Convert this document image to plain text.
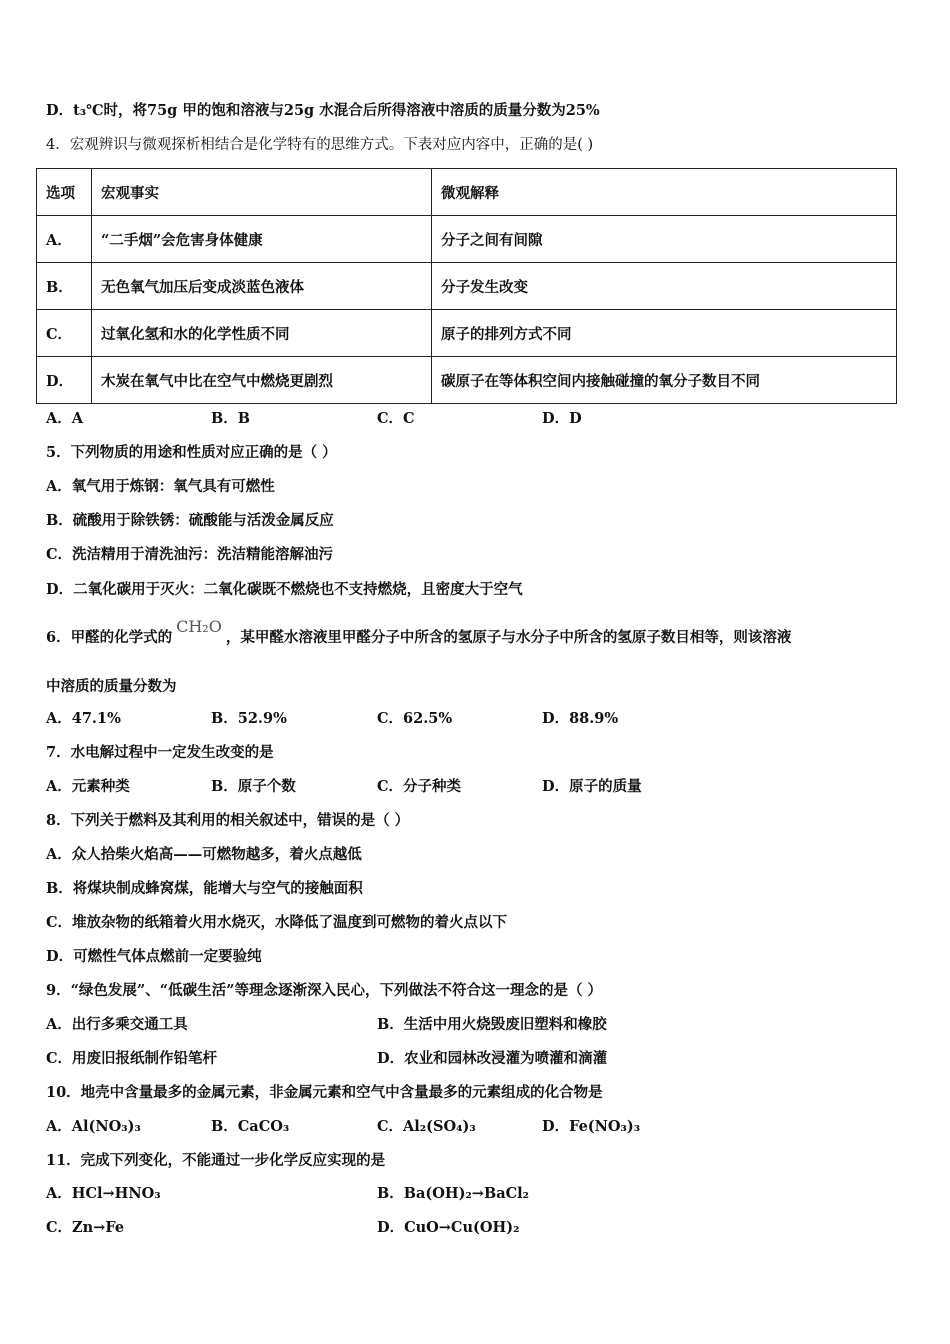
D．t₃℃时，将75g 甲的饱和溶液与25g 水混合后所得溶液中溶质的质量分数为25%
4．宏观辨识与微观探析相结合是化学特有的思维方式。下表对应内容中，正确的是( )
选项	宏观事实	微观解释
A．	“二手烟”会危害身体健康	分子之间有间隙
B．	无色氧气加压后变成淡蓝色液体	分子发生改变
C．	过氧化氢和水的化学性质不同	原子的排列方式不同
D．	木炭在氧气中比在空气中燃烧更剧烈	碳原子在等体积空间内接触碰撞的氧分子数目不同
A．A	B．B	C．C	D．D
5．下列物质的用途和性质对应正确的是（ ）
A．氧气用于炼钢：氧气具有可燃性
B．硫酸用于除铁锈：硫酸能与活泼金属反应
C．洗洁精用于清洗油污：洗洁精能溶解油污
D．二氧化碳用于灭火：二氧化碳既不燃烧也不支持燃烧，且密度大于空气
6．甲醛的化学式的CH₂O，某甲醛水溶液里甲醛分子中所含的氢原子与水分子中所含的氢原子数目相等，则该溶液
中溶质的质量分数为
A．47.1%	B．52.9%	C．62.5%	D．88.9%
7．水电解过程中一定发生改变的是
A．元素种类	B．原子个数	C．分子种类	D．原子的质量
8．下列关于燃料及其利用的相关叙述中，错误的是（ ）
A．众人拾柴火焰高——可燃物越多，着火点越低
B．将煤块制成蜂窝煤，能增大与空气的接触面积
C．堆放杂物的纸箱着火用水烧灭，水降低了温度到可燃物的着火点以下
D．可燃性气体点燃前一定要验纯
9．“绿色发展”、“低碳生活”等理念逐渐深入民心，下列做法不符合这一理念的是（ ）
A．出行多乘交通工具	B．生活中用火烧毁废旧塑料和橡胶
C．用废旧报纸制作铅笔杆	D．农业和园林改浸灌为喷灌和滴灌
10．地壳中含量最多的金属元素，非金属元素和空气中含量最多的元素组成的化合物是
A．Al(NO₃)₃	B．CaCO₃	C．Al₂(SO₄)₃	D．Fe(NO₃)₃
11．完成下列变化，不能通过一步化学反应实现的是
A．HCl→HNO₃	B．Ba(OH)₂→BaCl₂
C．Zn→Fe	D．CuO→Cu(OH)₂
